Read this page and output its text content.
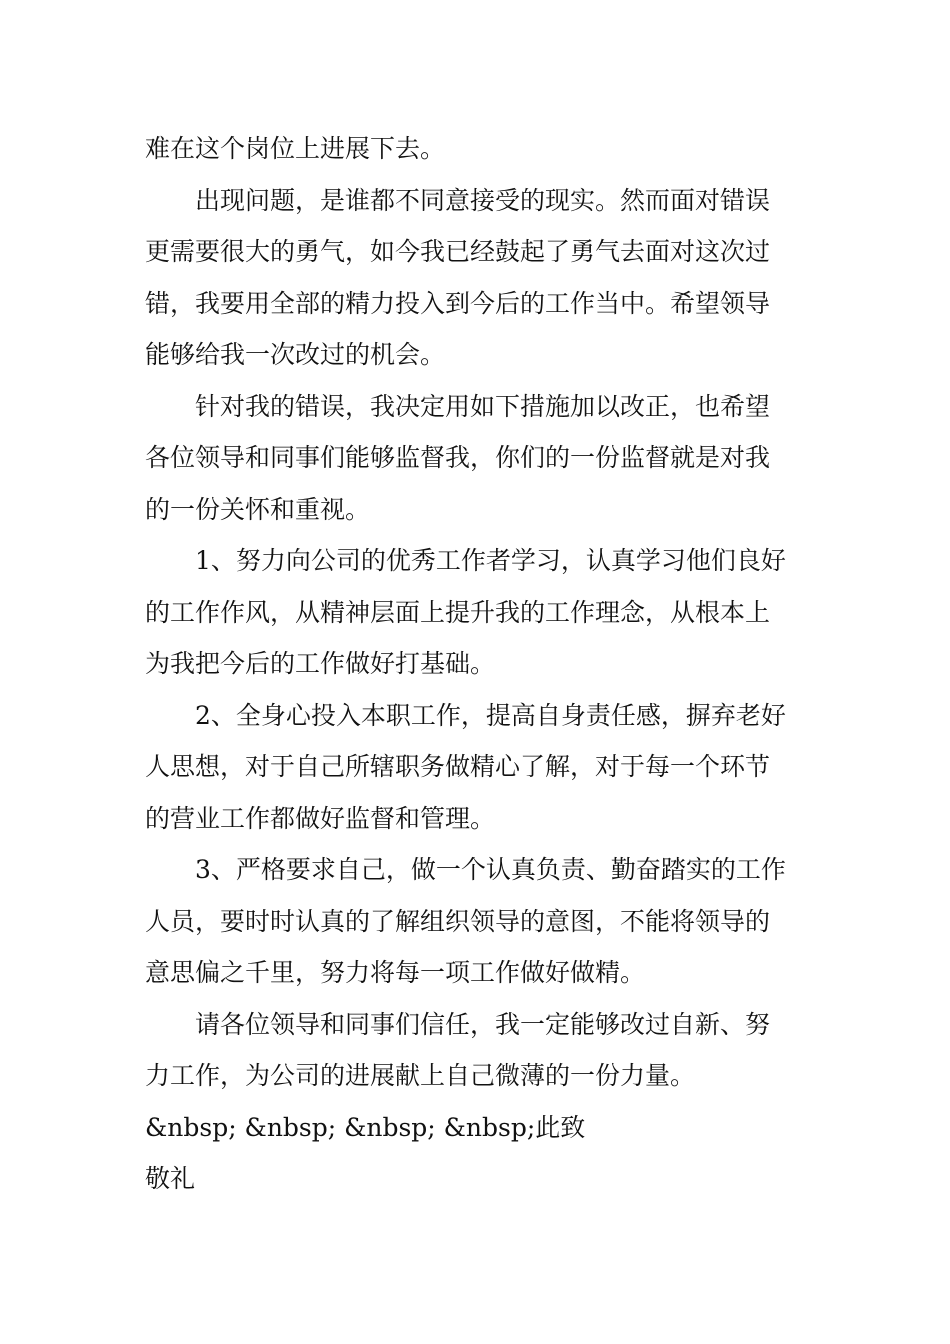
难在这个岗位上进展下去。
出现问题，是谁都不同意接受的现实。然而面对错误
更需要很大的勇气，如今我已经鼓起了勇气去面对这次过
错，我要用全部的精力投入到今后的工作当中。希望领导
能够给我一次改过的机会。
针对我的错误，我决定用如下措施加以改正，也希望
各位领导和同事们能够监督我，你们的一份监督就是对我
的一份关怀和重视。
1、努力向公司的优秀工作者学习，认真学习他们良好
的工作作风，从精神层面上提升我的工作理念，从根本上
为我把今后的工作做好打基础。
2、全身心投入本职工作，提高自身责任感，摒弃老好
人思想，对于自己所辖职务做精心了解，对于每一个环节
的营业工作都做好监督和管理。
3、严格要求自己，做一个认真负责、勤奋踏实的工作
人员，要时时认真的了解组织领导的意图，不能将领导的
意思偏之千里，努力将每一项工作做好做精。
请各位领导和同事们信任，我一定能够改过自新、努
力工作，为公司的进展献上自己微薄的一份力量。
&nbsp; &nbsp; &nbsp; &nbsp;此致
敬礼
